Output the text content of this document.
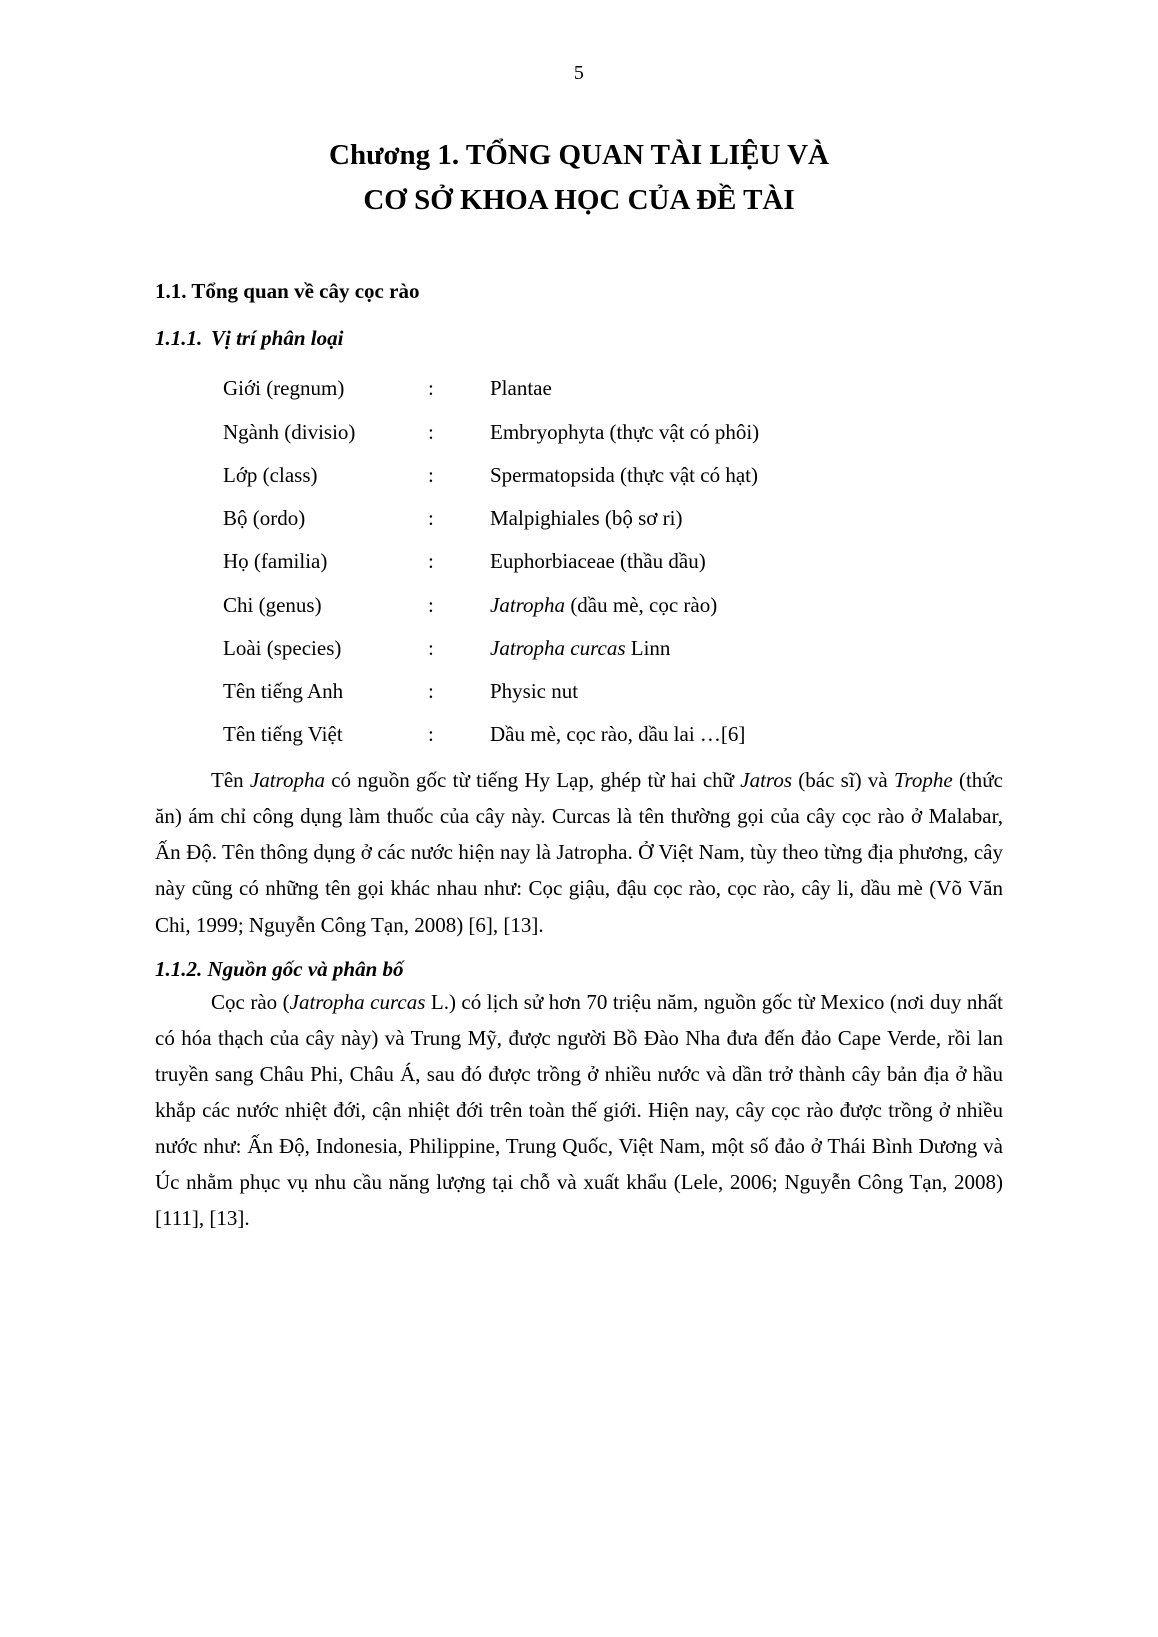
5
Chương 1. TỔNG QUAN TÀI LIỆU VÀ
CƠ SỞ KHOA HỌC CỦA ĐỀ TÀI
1.1. Tổng quan về cây cọc rào
1.1.1. Vị trí phân loại
Giới (regnum)	:	Plantae
Ngành (divisio)	:	Embryophyta (thực vật có phôi)
Lớp (class)	:	Spermatopsida (thực vật có hạt)
Bộ (ordo)	:	Malpighiales (bộ sơ ri)
Họ (familia)	:	Euphorbiaceae (thầu dầu)
Chi (genus)	:	Jatropha (dầu mè, cọc rào)
Loài (species)	:	Jatropha curcas Linn
Tên tiếng Anh	:	Physic nut
Tên tiếng Việt	:	Dầu mè, cọc rào, dầu lai …[6]

Tên Jatropha có nguồn gốc từ tiếng Hy Lạp, ghép từ hai chữ Jatros (bác sĩ) và Trophe (thức ăn) ám chỉ công dụng làm thuốc của cây này. Curcas là tên thường gọi của cây cọc rào ở Malabar, Ấn Độ. Tên thông dụng ở các nước hiện nay là Jatropha. Ở Việt Nam, tùy theo từng địa phương, cây này cũng có những tên gọi khác nhau như: Cọc giậu, đậu cọc rào, cọc rào, cây li, dầu mè (Võ Văn Chi, 1999; Nguyễn Công Tạn, 2008) [6], [13].

1.1.2. Nguồn gốc và phân bố

Cọc rào (Jatropha curcas L.) có lịch sử hơn 70 triệu năm, nguồn gốc từ Mexico (nơi duy nhất có hóa thạch của cây này) và Trung Mỹ, được người Bồ Đào Nha đưa đến đảo Cape Verde, rồi lan truyền sang Châu Phi, Châu Á, sau đó được trồng ở nhiều nước và dần trở thành cây bản địa ở hầu khắp các nước nhiệt đới, cận nhiệt đới trên toàn thế giới. Hiện nay, cây cọc rào được trồng ở nhiều nước như: Ấn Độ, Indonesia, Philippine, Trung Quốc, Việt Nam, một số đảo ở Thái Bình Dương và Úc nhằm phục vụ nhu cầu năng lượng tại chỗ và xuất khẩu (Lele, 2006; Nguyễn Công Tạn, 2008) [111], [13].
